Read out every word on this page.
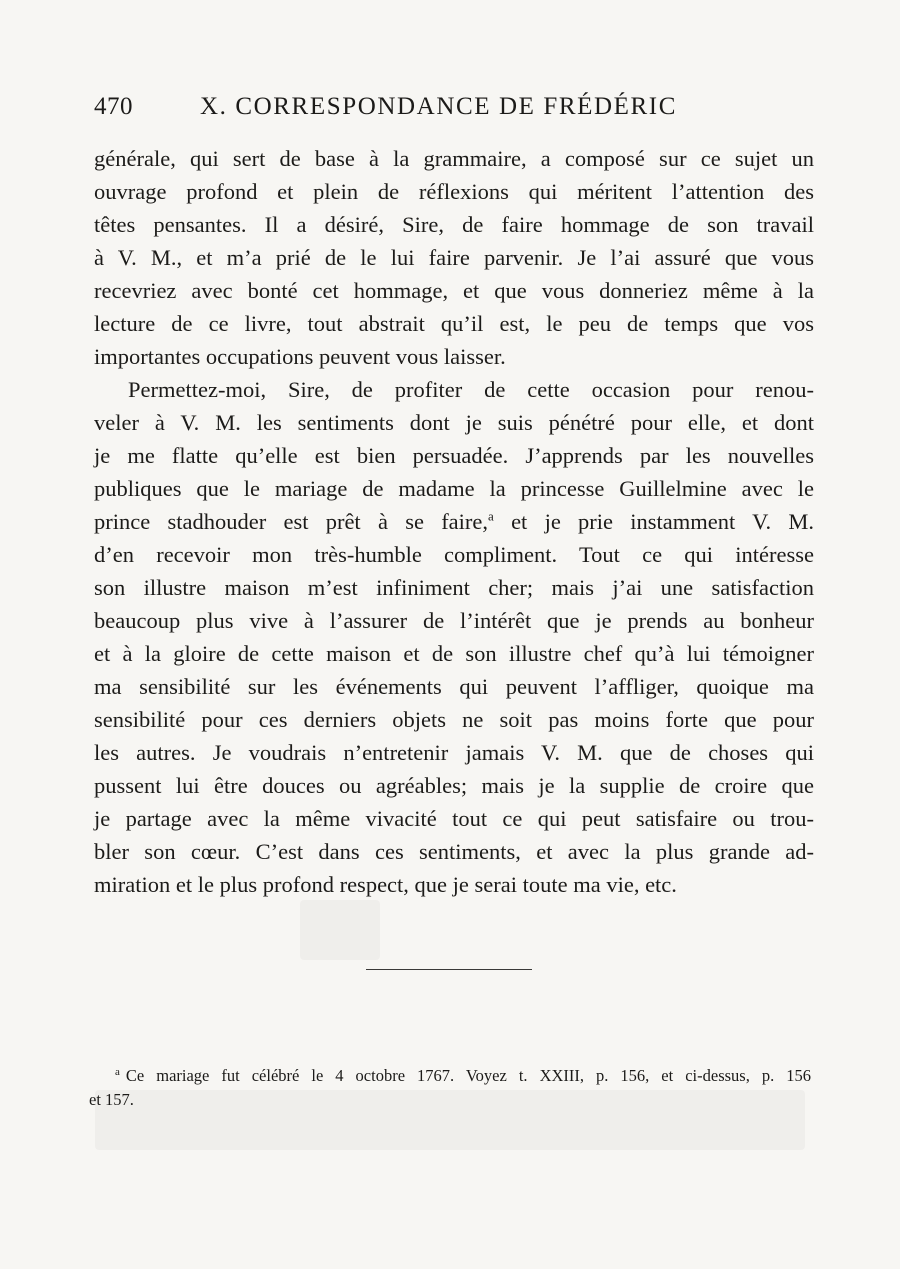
470	X. CORRESPONDANCE DE FRÉDÉRIC
générale, qui sert de base à la grammaire, a composé sur ce sujet un
ouvrage profond et plein de réflexions qui méritent l’attention des
têtes pensantes. Il a désiré, Sire, de faire hommage de son travail
à V. M., et m’a prié de le lui faire parvenir. Je l’ai assuré que vous
recevriez avec bonté cet hommage, et que vous donneriez même à la
lecture de ce livre, tout abstrait qu’il est, le peu de temps que vos
importantes occupations peuvent vous laisser.
Permettez-moi, Sire, de profiter de cette occasion pour renou-
veler à V. M. les sentiments dont je suis pénétré pour elle, et dont
je me flatte qu’elle est bien persuadée. J’apprends par les nouvelles
publiques que le mariage de madame la princesse Guillelmine avec le
prince stadhouder est prêt à se faire,$^a$ et je prie instamment V. M.
d’en recevoir mon très-humble compliment. Tout ce qui intéresse
son illustre maison m’est infiniment cher; mais j’ai une satisfaction
beaucoup plus vive à l’assurer de l’intérêt que je prends au bonheur
et à la gloire de cette maison et de son illustre chef qu’à lui témoigner
ma sensibilité sur les événements qui peuvent l’affliger, quoique ma
sensibilité pour ces derniers objets ne soit pas moins forte que pour
les autres. Je voudrais n’entretenir jamais V. M. que de choses qui
pussent lui être douces ou agréables; mais je la supplie de croire que
je partage avec la même vivacité tout ce qui peut satisfaire ou trou-
bler son cœur. C’est dans ces sentiments, et avec la plus grande ad-
miration et le plus profond respect, que je serai toute ma vie, etc.
$^a$ Ce mariage fut célébré le 4 octobre 1767. Voyez t. XXIII, p. 156, et ci-dessus, p. 156
et 157.
